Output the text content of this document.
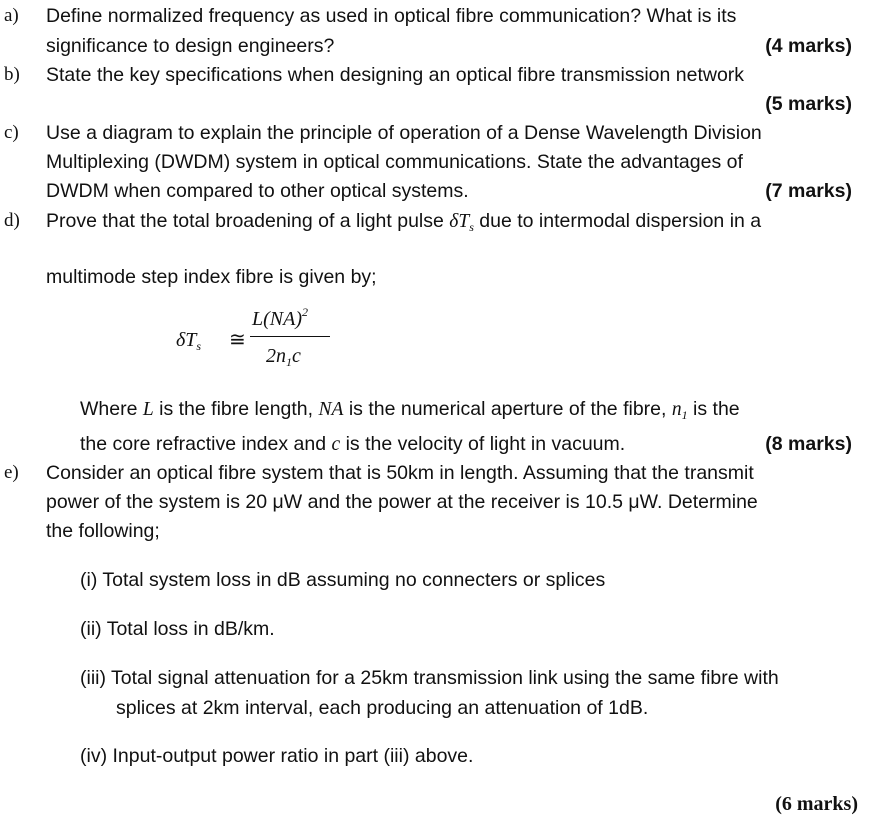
a) Define normalized frequency as used in optical fibre communication? What is its
significance to design engineers?	(4 marks)
b) State the key specifications when designing an optical fibre transmission network
(5 marks)
c) Use a diagram to explain the principle of operation of a Dense Wavelength Division
Multiplexing (DWDM) system in optical communications. State the advantages of
DWDM when compared to other optical systems.	(7 marks)
d) Prove that the total broadening of a light pulse $\delta T_s$ due to intermodal dispersion in a
multimode step index fibre is given by;
$\delta T_s$ ≅
L(NA)$^2$
$2n_1c$
Where L is the fibre length, NA is the numerical aperture of the fibre, $n_1$ is the
the core refractive index and c is the velocity of light in vacuum.	(8 marks)
e) Consider an optical fibre system that is 50km in length. Assuming that the transmit
power of the system is 20 μW and the power at the receiver is 10.5 μW. Determine
the following;
(i) Total system loss in dB assuming no connecters or splices
(ii) Total loss in dB/km.
(iii) Total signal attenuation for a 25km transmission link using the same fibre with
splices at 2km interval, each producing an attenuation of 1dB.
(iv) Input-output power ratio in part (iii) above.
(6 marks)
